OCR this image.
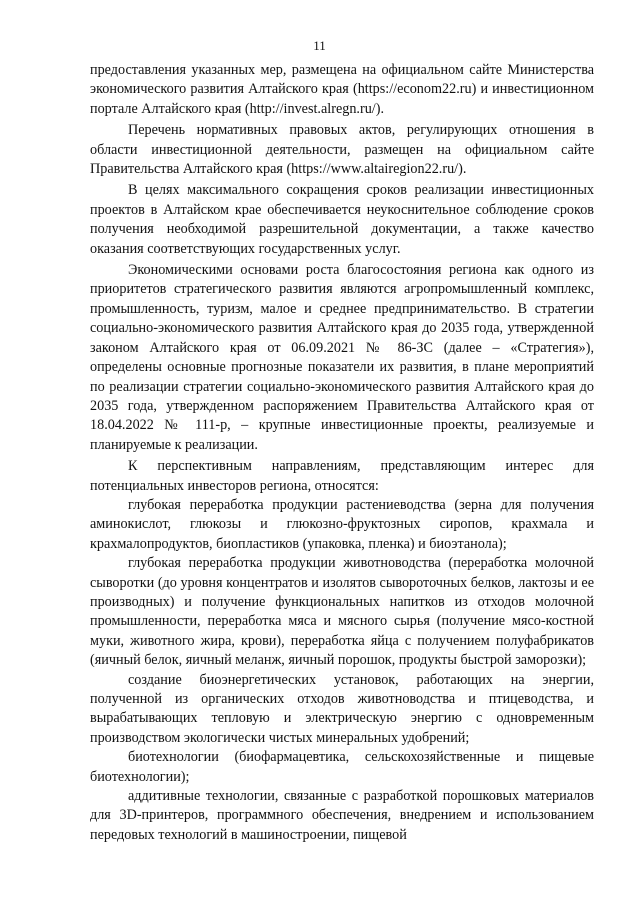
11

предоставления указанных мер, размещена на официальном сайте Министерства экономического развития Алтайского края (https://econom22.ru) и инвестиционном портале Алтайского края (http://invest.alregn.ru/).

Перечень нормативных правовых актов, регулирующих отношения в области инвестиционной деятельности, размещен на официальном сайте Правительства Алтайского края (https://www.altairegion22.ru/).

В целях максимального сокращения сроков реализации инвестиционных проектов в Алтайском крае обеспечивается неукоснительное соблюдение сроков получения необходимой разрешительной документации, а также качество оказания соответствующих государственных услуг.

Экономическими основами роста благосостояния региона как одного из приоритетов стратегического развития являются агропромышленный комплекс, промышленность, туризм, малое и среднее предпринимательство. В стратегии социально-экономического развития Алтайского края до 2035 года, утвержденной законом Алтайского края от 06.09.2021 № 86-ЗС (далее – «Стратегия»), определены основные прогнозные показатели их развития, в плане мероприятий по реализации стратегии социально-экономического развития Алтайского края до 2035 года, утвержденном распоряжением Правительства Алтайского края от 18.04.2022 № 111-р, – крупные инвестиционные проекты, реализуемые и планируемые к реализации.

К перспективным направлениям, представляющим интерес для потенциальных инвесторов региона, относятся:

глубокая переработка продукции растениеводства (зерна для получения аминокислот, глюкозы и глюкозно-фруктозных сиропов, крахмала и крахмалопродуктов, биопластиков (упаковка, пленка) и биоэтанола);

глубокая переработка продукции животноводства (переработка молочной сыворотки (до уровня концентратов и изолятов сывороточных белков, лактозы и ее производных) и получение функциональных напитков из отходов молочной промышленности, переработка мяса и мясного сырья (получение мясо-костной муки, животного жира, крови), переработка яйца с получением полуфабрикатов (яичный белок, яичный меланж, яичный порошок, продукты быстрой заморозки);

создание биоэнергетических установок, работающих на энергии, полученной из органических отходов животноводства и птицеводства, и вырабатывающих тепловую и электрическую энергию с одновременным производством экологически чистых минеральных удобрений;

биотехнологии (биофармацевтика, сельскохозяйственные и пищевые биотехнологии);

аддитивные технологии, связанные с разработкой порошковых материалов для 3D-принтеров, программного обеспечения, внедрением и использованием передовых технологий в машиностроении, пищевой
